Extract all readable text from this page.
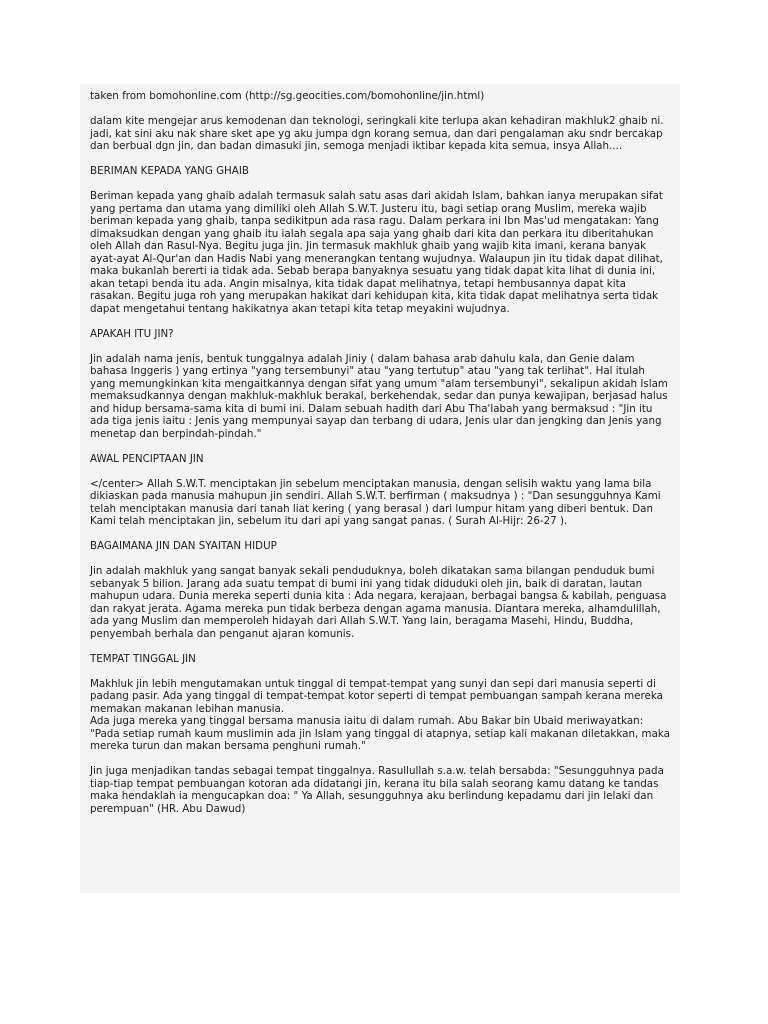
taken from bomohonline.com (http://sg.geocities.com/bomohonline/jin.html)

dalam kite mengejar arus kemodenan dan teknologi, seringkali kite terlupa akan kehadiran makhluk2 ghaib ni. jadi, kat sini aku nak share sket ape yg aku jumpa dgn korang semua, dan dari pengalaman aku sndr bercakap dan berbual dgn jin, dan badan dimasuki jin, semoga menjadi iktibar kepada kita semua, insya Allah....

BERIMAN KEPADA YANG GHAIB

Beriman kepada yang ghaib adalah termasuk salah satu asas dari akidah Islam, bahkan ianya merupakan sifat yang pertama dan utama yang dimiliki oleh Allah S.W.T. Justeru itu, bagi setiap orang Muslim, mereka wajib beriman kepada yang ghaib, tanpa sedikitpun ada rasa ragu. Dalam perkara ini Ibn Mas'ud mengatakan: Yang dimaksudkan dengan yang ghaib itu ialah segala apa saja yang ghaib dari kita dan perkara itu diberitahukan oleh Allah dan Rasul-Nya. Begitu juga jin. Jin termasuk makhluk ghaib yang wajib kita imani, kerana banyak ayat-ayat Al-Qur'an dan Hadis Nabi yang menerangkan tentang wujudnya. Walaupun jin itu tidak dapat dilihat, maka bukanlah bererti ia tidak ada. Sebab berapa banyaknya sesuatu yang tidak dapat kita lihat di dunia ini, akan tetapi benda itu ada. Angin misalnya, kita tidak dapat melihatnya, tetapi hembusannya dapat kita rasakan. Begitu juga roh yang merupakan hakikat dari kehidupan kita, kita tidak dapat melihatnya serta tidak dapat mengetahui tentang hakikatnya akan tetapi kita tetap meyakini wujudnya.

APAKAH ITU JIN?

Jin adalah nama jenis, bentuk tunggalnya adalah Jiniy ( dalam bahasa arab dahulu kala, dan Genie dalam bahasa Inggeris ) yang ertinya "yang tersembunyi" atau "yang tertutup" atau "yang tak terlihat". Hal itulah yang memungkinkan kita mengaitkannya dengan sifat yang umum "alam tersembunyi", sekalipun akidah Islam memaksudkannya dengan makhluk-makhluk berakal, berkehendak, sedar dan punya kewajipan, berjasad halus and hidup bersama-sama kita di bumi ini. Dalam sebuah hadith dari Abu Tha'labah yang bermaksud : "Jin itu ada tiga jenis iaitu : Jenis yang mempunyai sayap dan terbang di udara, Jenis ular dan jengking dan Jenis yang menetap dan berpindah-pindah."

AWAL PENCIPTAAN JIN

</center> Allah S.W.T. menciptakan jin sebelum menciptakan manusia, dengan selisih waktu yang lama bila dikiaskan pada manusia mahupun jin sendiri. Allah S.W.T. berfirman ( maksudnya ) : "Dan sesungguhnya Kami telah menciptakan manusia dari tanah liat kering ( yang berasal ) dari lumpur hitam yang diberi bentuk. Dan Kami telah menciptakan jin, sebelum itu dari api yang sangat panas. ( Surah Al-Hijr: 26-27 ).

BAGAIMANA JIN DAN SYAITAN HIDUP

Jin adalah makhluk yang sangat banyak sekali penduduknya, boleh dikatakan sama bilangan penduduk bumi sebanyak 5 bilion. Jarang ada suatu tempat di bumi ini yang tidak diduduki oleh jin, baik di daratan, lautan mahupun udara. Dunia mereka seperti dunia kita : Ada negara, kerajaan, berbagai bangsa & kabilah, penguasa dan rakyat jerata. Agama mereka pun tidak berbeza dengan agama manusia. Diantara mereka, alhamdulillah, ada yang Muslim dan memperoleh hidayah dari Allah S.W.T. Yang lain, beragama Masehi, Hindu, Buddha, penyembah berhala dan penganut ajaran komunis.

TEMPAT TINGGAL JIN

Makhluk jin lebih mengutamakan untuk tinggal di tempat-tempat yang sunyi dan sepi dari manusia seperti di padang pasir. Ada yang tinggal di tempat-tempat kotor seperti di tempat pembuangan sampah kerana mereka memakan makanan lebihan manusia.

Ada juga mereka yang tinggal bersama manusia iaitu di dalam rumah. Abu Bakar bin Ubaid meriwayatkan: "Pada setiap rumah kaum muslimin ada jin Islam yang tinggal di atapnya, setiap kali makanan diletakkan, maka mereka turun dan makan bersama penghuni rumah."

Jin juga menjadikan tandas sebagai tempat tinggalnya. Rasullullah s.a.w. telah bersabda: "Sesungguhnya pada tiap-tiap tempat pembuangan kotoran ada didatangi jin, kerana itu bila salah seorang kamu datang ke tandas maka hendaklah ia mengucapkan doa: " Ya Allah, sesungguhnya aku berlindung kepadamu dari jin lelaki dan perempuan" (HR. Abu Dawud)
